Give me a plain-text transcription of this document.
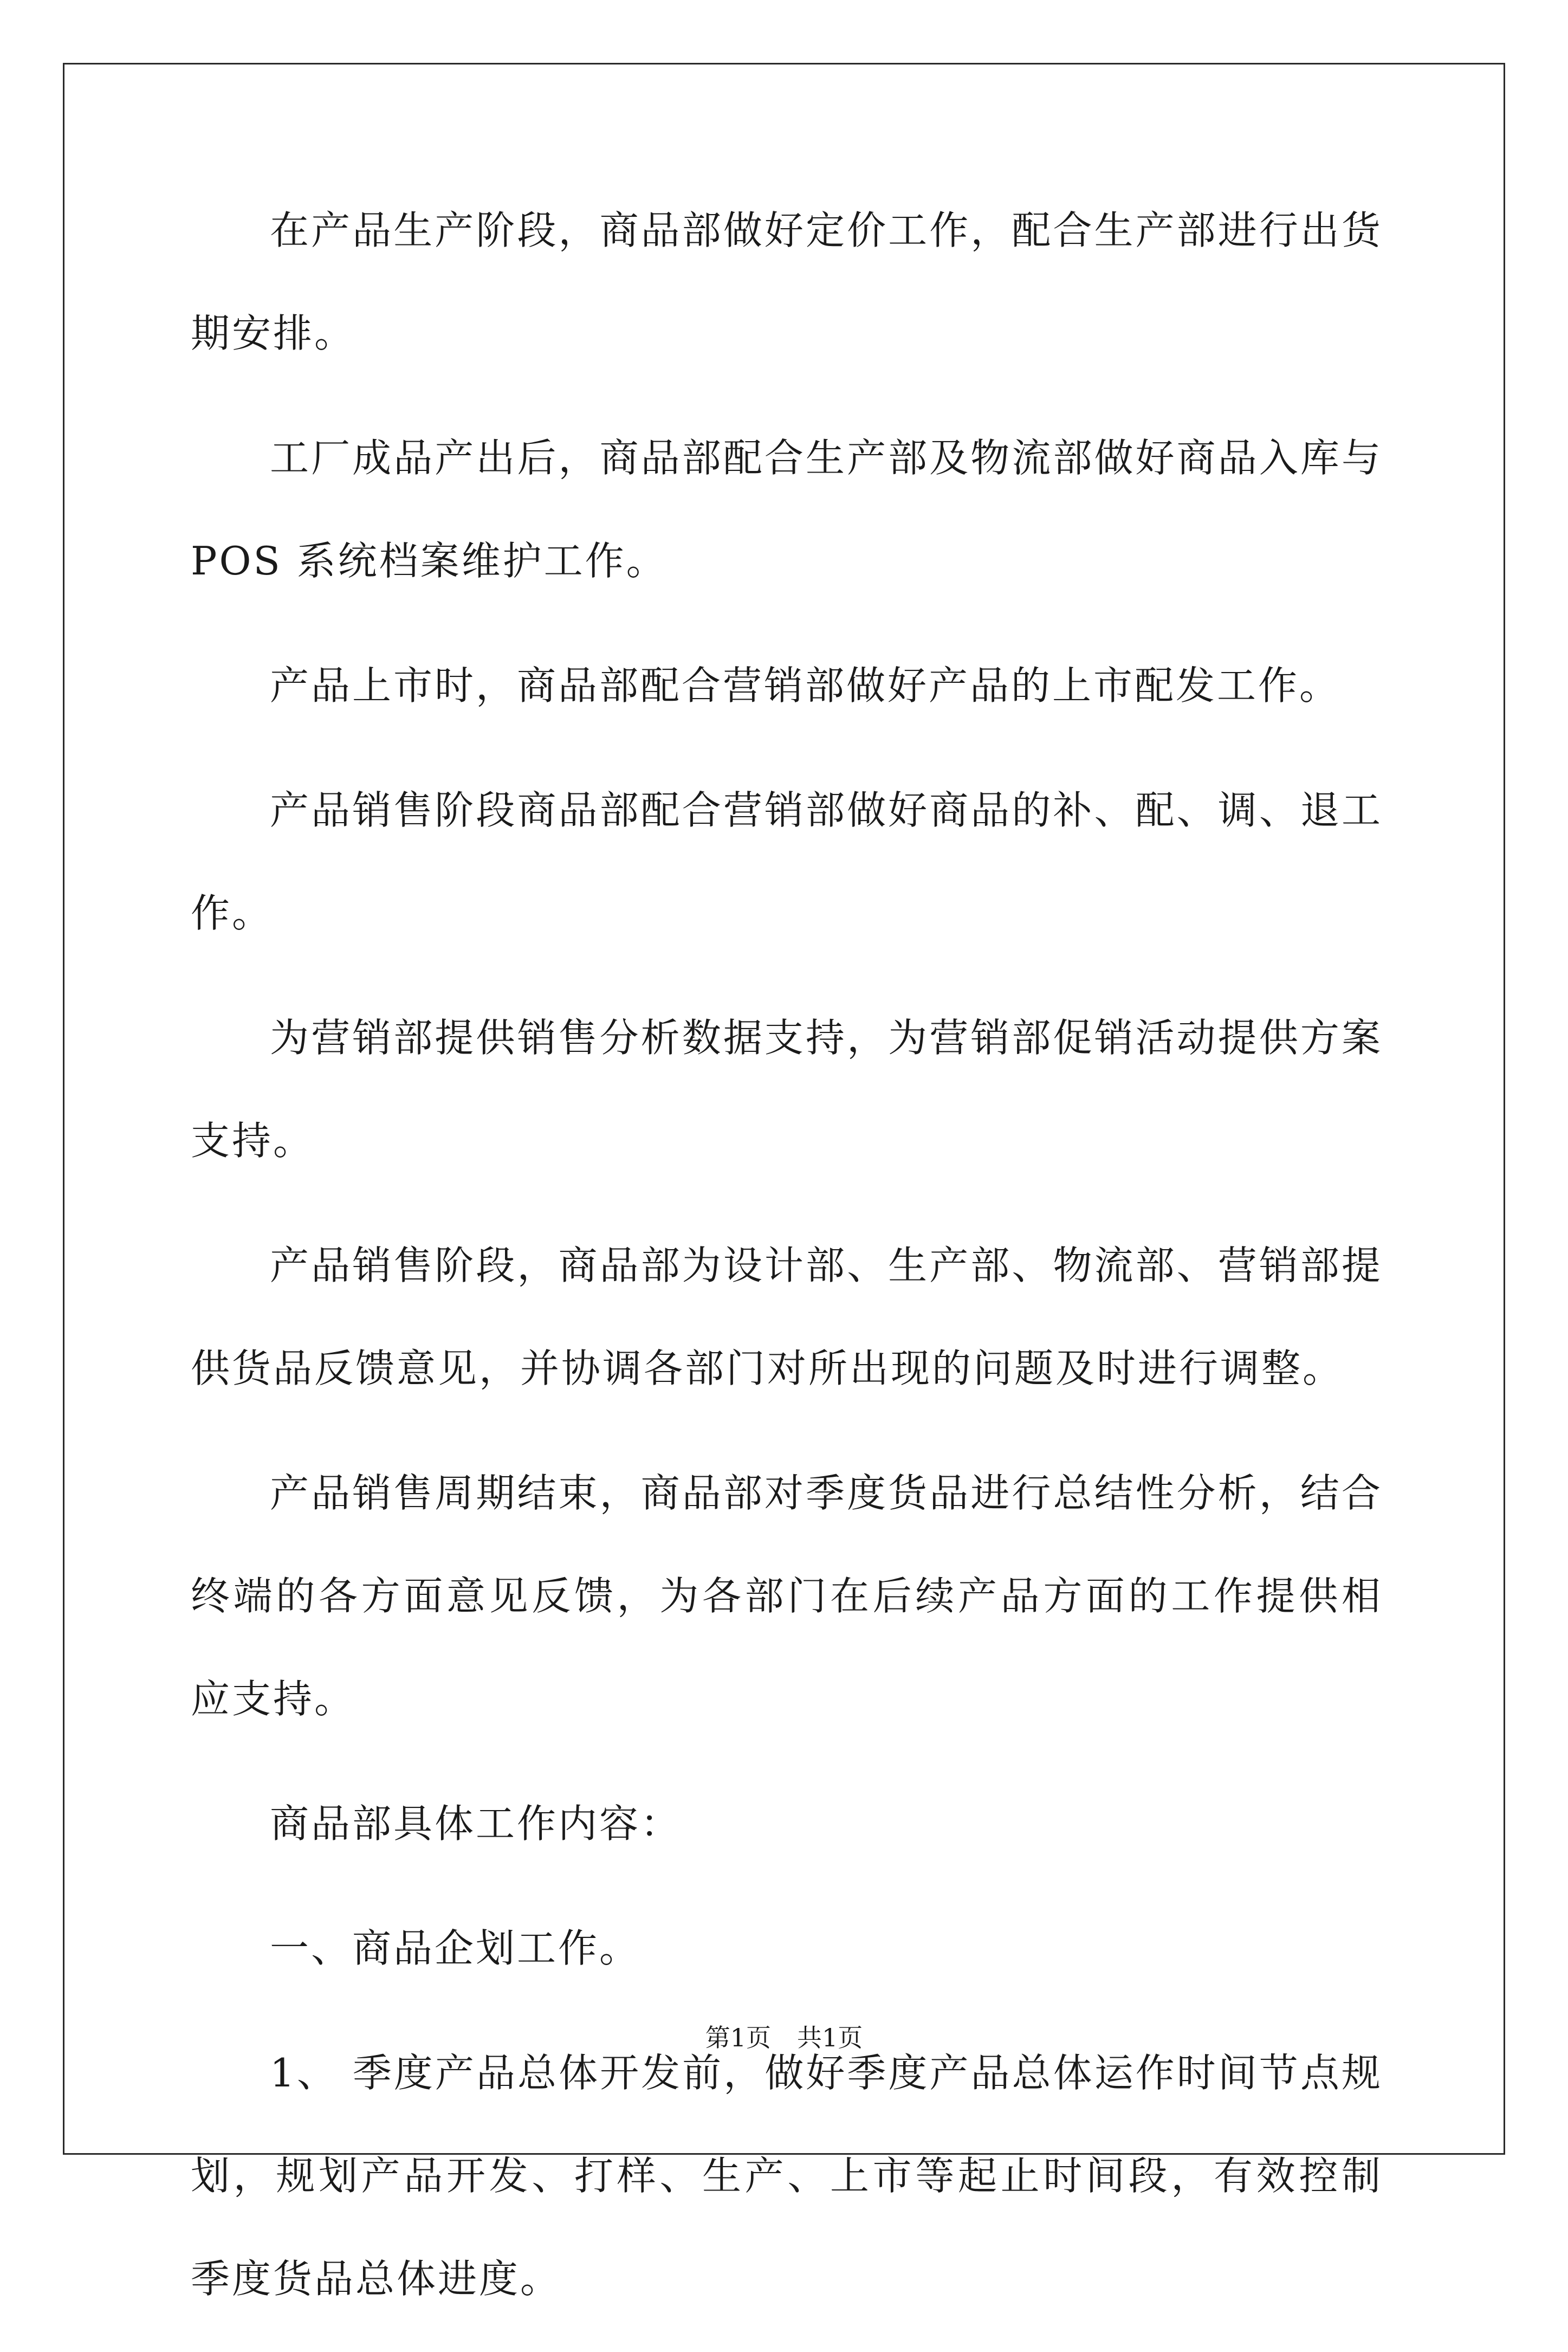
在产品生产阶段，商品部做好定价工作，配合生产部进行出货期安排。

工厂成品产出后，商品部配合生产部及物流部做好商品入库与POS 系统档案维护工作。

产品上市时，商品部配合营销部做好产品的上市配发工作。

产品销售阶段商品部配合营销部做好商品的补、配、调、退工作。

为营销部提供销售分析数据支持，为营销部促销活动提供方案支持。

产品销售阶段，商品部为设计部、生产部、物流部、营销部提供货品反馈意见，并协调各部门对所出现的问题及时进行调整。

产品销售周期结束，商品部对季度货品进行总结性分析，结合终端的各方面意见反馈，为各部门在后续产品方面的工作提供相应支持。

商品部具体工作内容：

一、商品企划工作。

1、 季度产品总体开发前，做好季度产品总体运作时间节点规划，规划产品开发、打样、生产、上市等起止时间段，有效控制季度货品总体进度。

第1页 共1页
